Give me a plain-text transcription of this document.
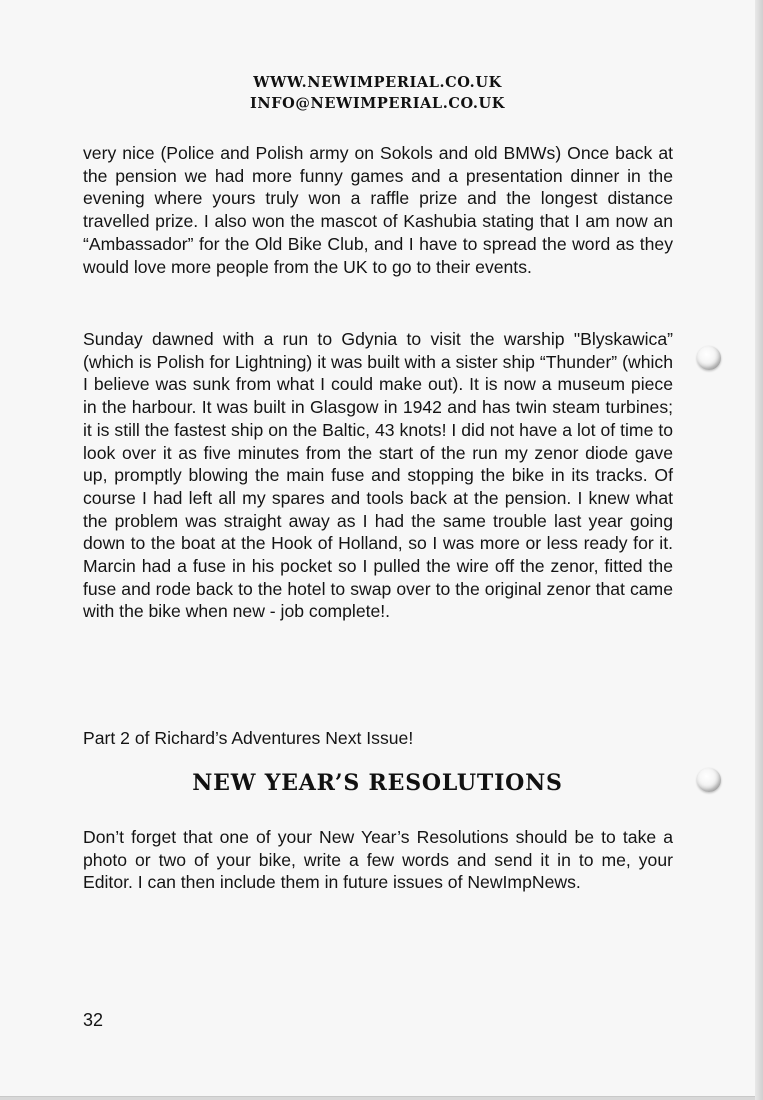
WWW.NEWIMPERIAL.CO.UK
INFO@NEWIMPERIAL.CO.UK
very nice (Police and Polish army on Sokols and old BMWs) Once back at the pension we had more funny games and a presentation dinner in the evening where yours truly won a raffle prize and the longest distance travelled prize. I also won the mascot of Kashubia stating that I am now an “Ambassador” for the Old Bike Club, and I have to spread the word as they would love more people from the UK to go to their events.
Sunday dawned with a run to Gdynia to visit the warship "Blyskawica” (which is Polish for Lightning) it was built with a sister ship “Thunder” (which I believe was sunk from what I could make out). It is now a museum piece in the harbour. It was built in Glasgow in 1942 and has twin steam turbines; it is still the fastest ship on the Baltic, 43 knots! I did not have a lot of time to look over it as five minutes from the start of the run my zenor diode gave up, promptly blowing the main fuse and stopping the bike in its tracks. Of course I had left all my spares and tools back at the pension. I knew what the problem was straight away as I had the same trouble last year going down to the boat at the Hook of Holland, so I was more or less ready for it. Marcin had a fuse in his pocket so I pulled the wire off the zenor, fitted the fuse and rode back to the hotel to swap over to the original zenor that came with the bike when new - job complete!.
Part 2 of Richard’s Adventures Next Issue!
NEW YEAR’S RESOLUTIONS
Don’t forget that one of your New Year’s Resolutions should be to take a photo or two of your bike, write a few words and send it in to me, your Editor. I can then include them in future issues of NewImpNews.
32
